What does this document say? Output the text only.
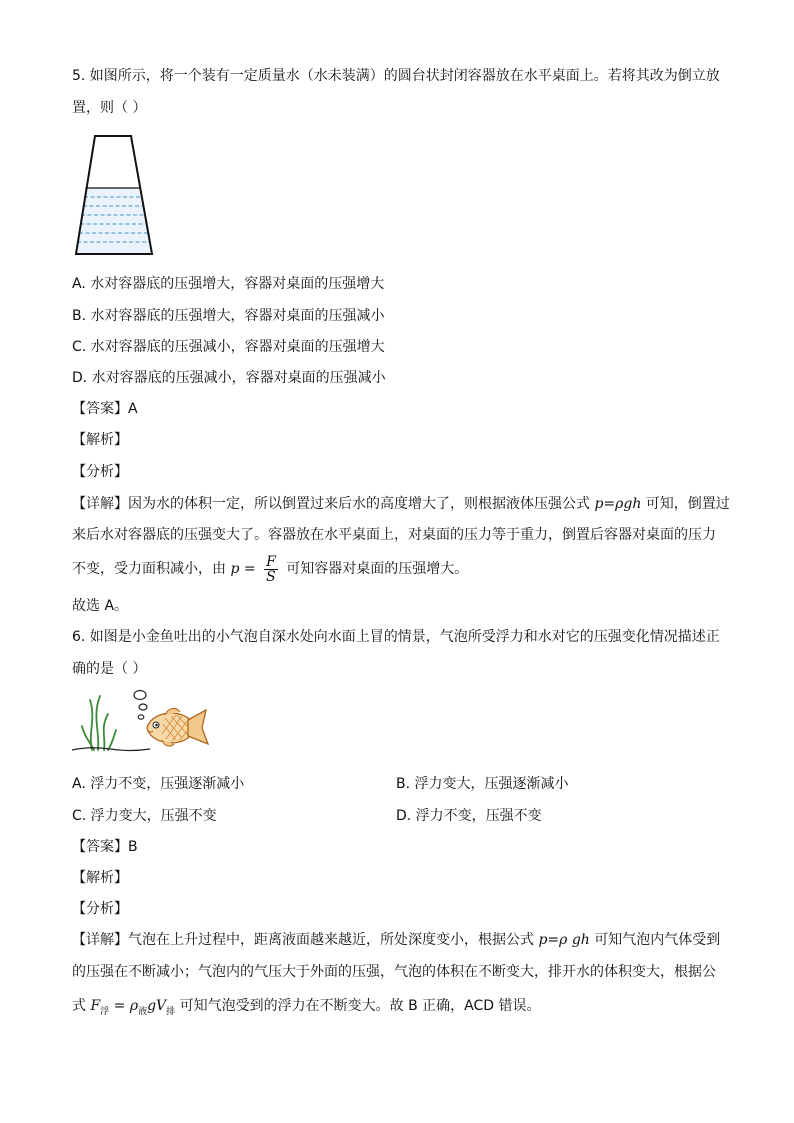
5. 如图所示，将一个装有一定质量水（水未装满）的圆台状封闭容器放在水平桌面上。若将其改为倒立放
置，则（ ）
A. 水对容器底的压强增大，容器对桌面的压强增大
B. 水对容器底的压强增大，容器对桌面的压强减小
C. 水对容器底的压强减小，容器对桌面的压强增大
D. 水对容器底的压强减小，容器对桌面的压强减小
【答案】A
【解析】
【分析】
【详解】因为水的体积一定，所以倒置过来后水的高度增大了，则根据液体压强公式 p=ρgh 可知，倒置过
来后水对容器底的压强变大了。容器放在水平桌面上，对桌面的压力等于重力，倒置后容器对桌面的压力
不变，受力面积减小，由 $p = \frac{F}{S}$ 可知容器对桌面的压强增大。
故选 A。
6. 如图是小金鱼吐出的小气泡自深水处向水面上冒的情景，气泡所受浮力和水对它的压强变化情况描述正
确的是（ ）
A. 浮力不变，压强逐渐减小	B. 浮力变大，压强逐渐减小
C. 浮力变大，压强不变	D. 浮力不变，压强不变
【答案】B
【解析】
【分析】
【详解】气泡在上升过程中，距离液面越来越近，所处深度变小，根据公式 p=ρ gh 可知气泡内气体受到
的压强在不断减小；气泡内的气压大于外面的压强，气泡的体积在不断变大，排开水的体积变大，根据公
式 $F_浮 = \rho_液gV_排$ 可知气泡受到的浮力在不断变大。故 B 正确，ACD 错误。
